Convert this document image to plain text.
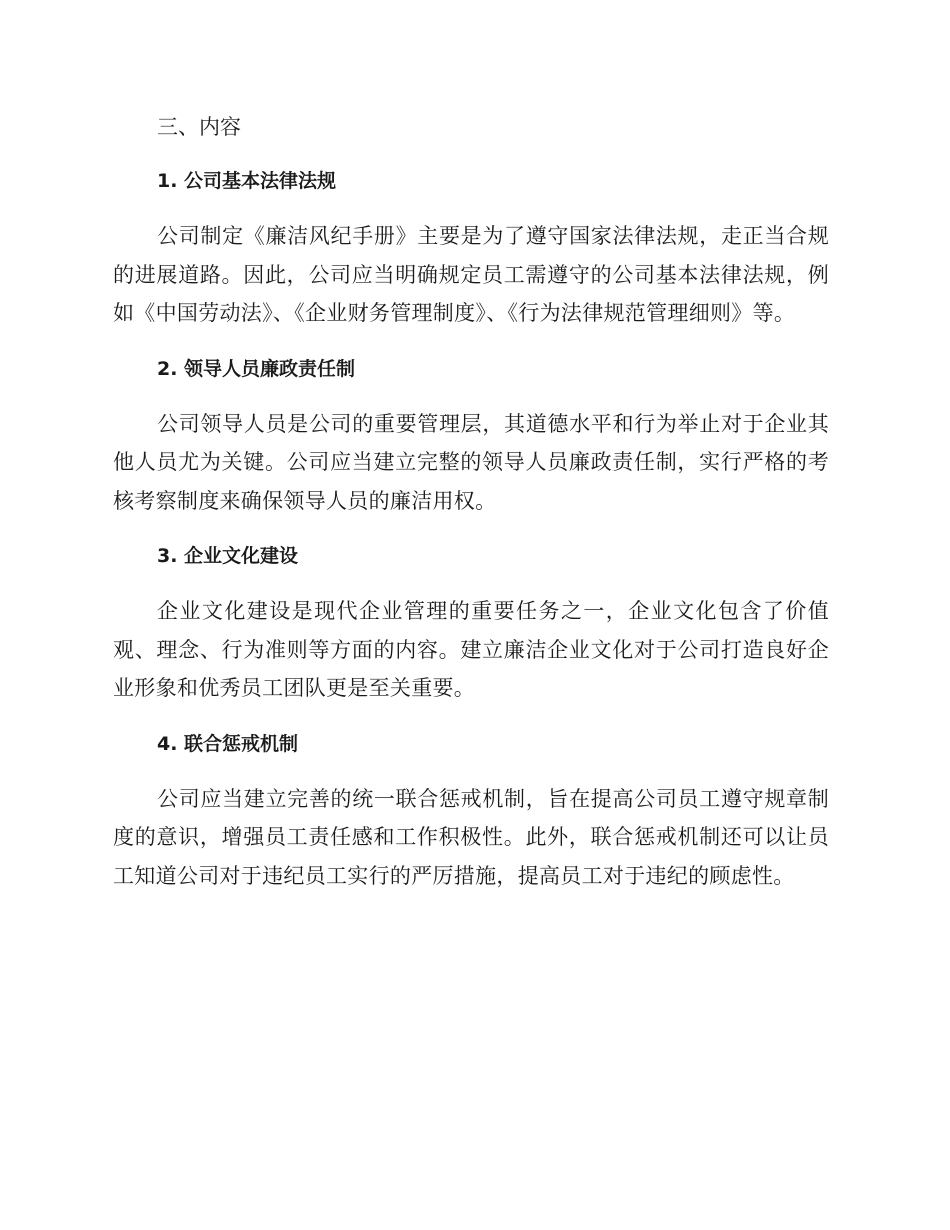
三、内容
1. 公司基本法律法规

公司制定《廉洁风纪手册》主要是为了遵守国家法律法规，走正当合规的进展道路。因此，公司应当明确规定员工需遵守的公司基本法律法规，例如《中国劳动法》、《企业财务管理制度》、《行为法律规范管理细则》等。

2. 领导人员廉政责任制

公司领导人员是公司的重要管理层，其道德水平和行为举止对于企业其他人员尤为关键。公司应当建立完整的领导人员廉政责任制，实行严格的考核考察制度来确保领导人员的廉洁用权。

3. 企业文化建设

企业文化建设是现代企业管理的重要任务之一，企业文化包含了价值观、理念、行为准则等方面的内容。建立廉洁企业文化对于公司打造良好企业形象和优秀员工团队更是至关重要。

4. 联合惩戒机制

公司应当建立完善的统一联合惩戒机制，旨在提高公司员工遵守规章制度的意识，增强员工责任感和工作积极性。此外，联合惩戒机制还可以让员工知道公司对于违纪员工实行的严厉措施，提高员工对于违纪的顾虑性。
